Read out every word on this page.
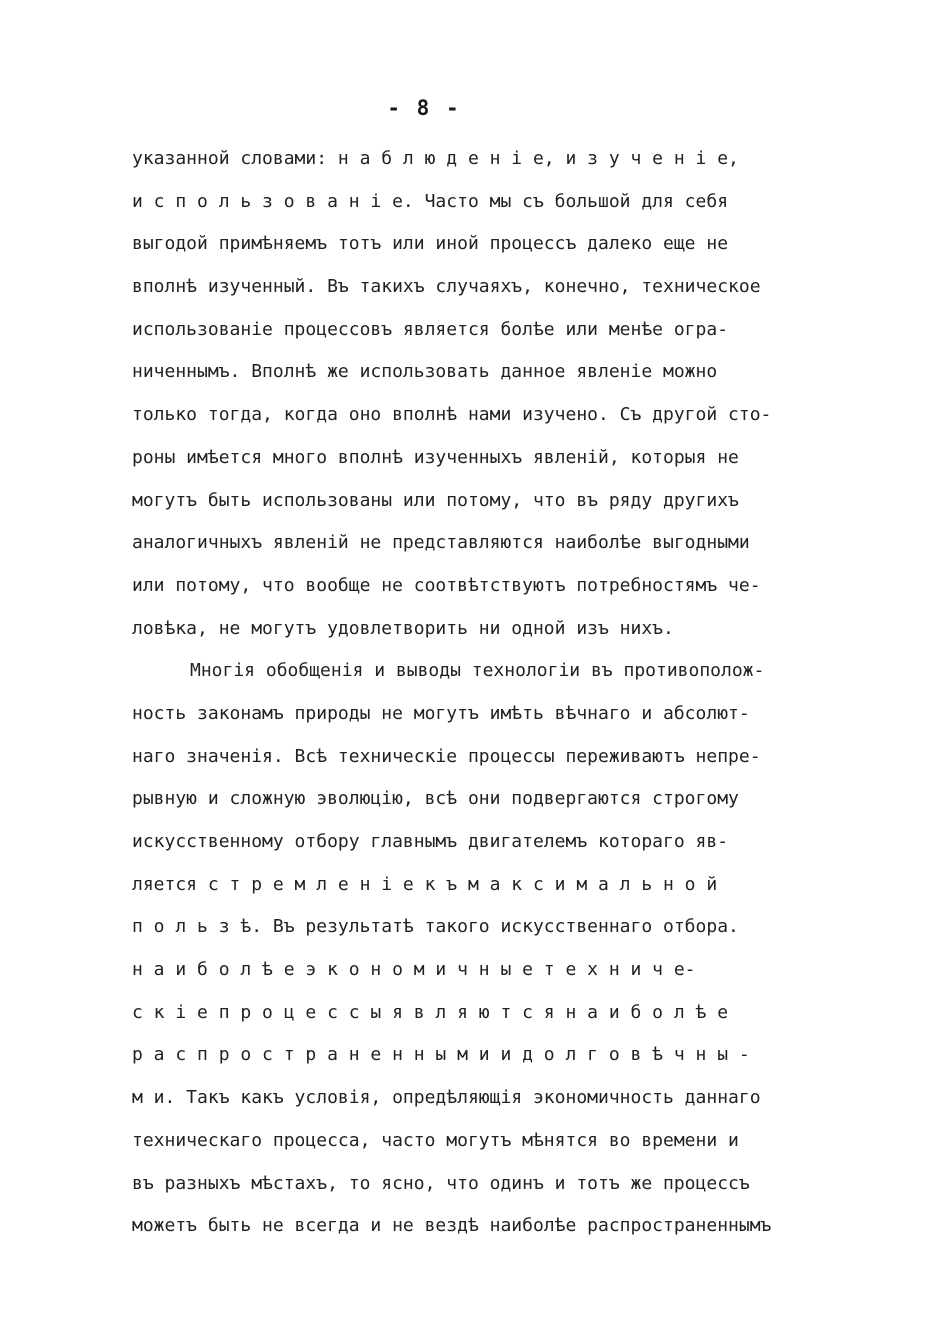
- 8 -
указанной словами: н а б л ю д е н і е, и з у ч е н і е,
и с п о л ь з о в а н і е. Часто мы съ большой для себя
выгодой примѣняемъ тотъ или иной процессъ далеко еще не
вполнѣ изученный. Въ такихъ случаяхъ, конечно, техническое
использованіе процессовъ является болѣе или менѣе огра-
ниченнымъ. Вполнѣ же использовать данное явленіе можно
только тогда, когда оно вполнѣ нами изучено. Съ другой сто-
роны имѣется много вполнѣ изученныхъ явленій, которыя не
могутъ быть использованы или потому, что въ ряду другихъ
аналогичныхъ явленій не представляются наиболѣе выгодными
или потому, что вообще не соотвѣтствуютъ потребностямъ че-
ловѣка, не могутъ удовлетворить ни одной изъ нихъ.
Многія обобщенія и выводы технологіи въ противополож-
ность законамъ природы не могутъ имѣть вѣчнаго и абсолют-
наго значенія. Всѣ техническіе процессы переживаютъ непре-
рывную и сложную эволюцію, всѣ они подвергаются строгому
искусственному отбору главнымъ двигателемъ котораго яв-
ляется с т р е м л е н і е к ъ м а к с и м а л ь н о й
п о л ь з ѣ. Въ результатѣ такого искусственнаго отбора.
н а и б о л ѣ е э к о н о м и ч н ы е т е х н и ч е-
с к і е п р о ц е с с ы я в л я ю т с я н а и б о л ѣ е
р а с п р о с т р а н е н н ы м и и д о л г о в ѣ ч н ы -
м и. Такъ какъ условія, опредѣляющія экономичность даннаго
техническаго процесса, часто могутъ мѣнятся во времени и
въ разныхъ мѣстахъ, то ясно, что одинъ и тотъ же процессъ
можетъ быть не всегда и не вездѣ наиболѣе распространеннымъ
